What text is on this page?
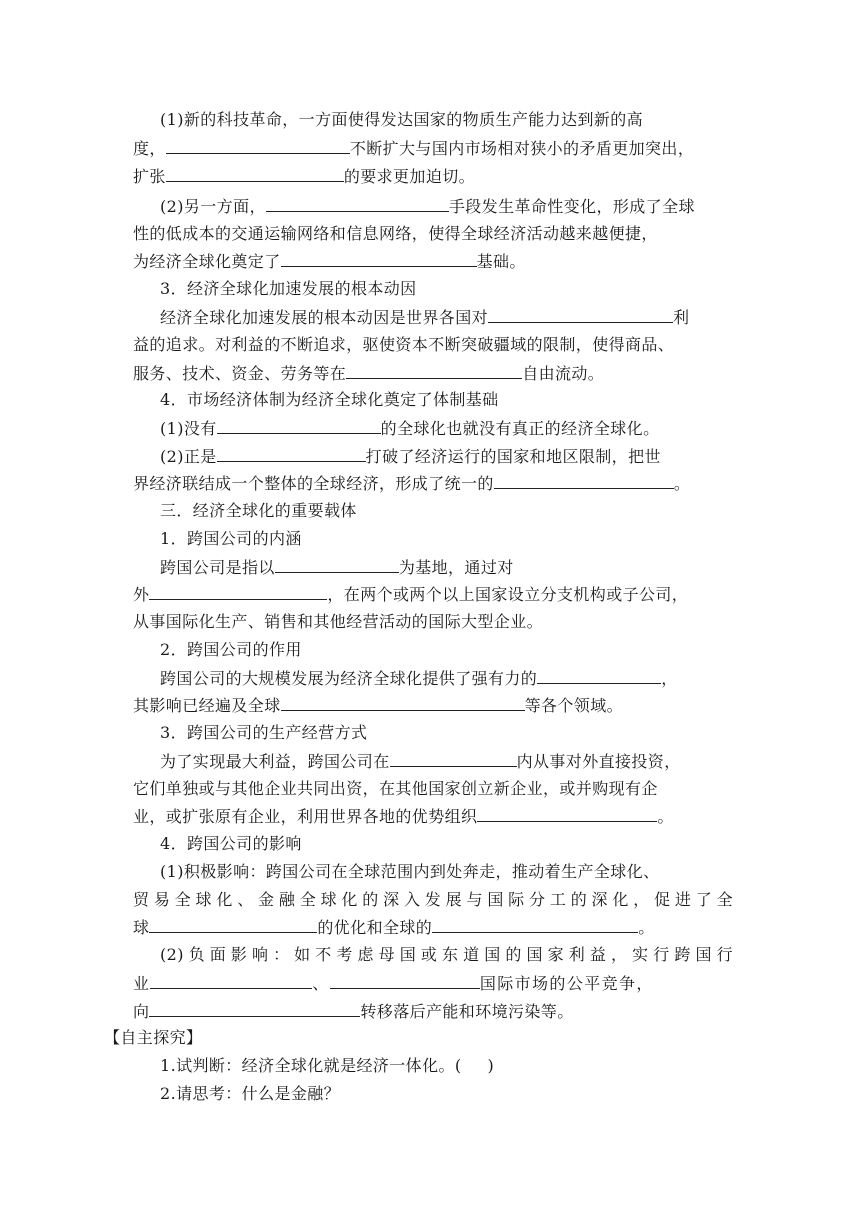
(1)新的科技革命，一方面使得发达国家的物质生产能力达到新的高
度，	不断扩大与国内市场相对狭小的矛盾更加突出，
扩张	的要求更加迫切。
(2)另一方面，	手段发生革命性变化，形成了全球
性的低成本的交通运输网络和信息网络，使得全球经济活动越来越便捷，
为经济全球化奠定了	基础。
3．经济全球化加速发展的根本动因
经济全球化加速发展的根本动因是世界各国对	利
益的追求。对利益的不断追求，驱使资本不断突破疆域的限制，使得商品、
服务、技术、资金、劳务等在	自由流动。
4．市场经济体制为经济全球化奠定了体制基础
(1)没有	的全球化也就没有真正的经济全球化。
(2)正是	打破了经济运行的国家和地区限制，把世
界经济联结成一个整体的全球经济，形成了统一的	。
三．经济全球化的重要载体
1．跨国公司的内涵
跨国公司是指以	为基地，通过对
外	，在两个或两个以上国家设立分支机构或子公司，
从事国际化生产、销售和其他经营活动的国际大型企业。
2．跨国公司的作用
跨国公司的大规模发展为经济全球化提供了强有力的	，
其影响已经遍及全球	等各个领域。
3．跨国公司的生产经营方式
为了实现最大利益，跨国公司在	内从事对外直接投资，
它们单独或与其他企业共同出资，在其他国家创立新企业，或并购现有企
业，或扩张原有企业，利用世界各地的优势组织	。
4．跨国公司的影响
(1)积极影响：跨国公司在全球范围内到处奔走，推动着生产全球化、
贸易全球化、金融全球化的深入发展与国际分工的深化，促进了全
球	的优化和全球的	。
(2)负面影响：如不考虑母国或东道国的国家利益，实行跨国行
业	、	国际市场的公平竞争，
向	转移落后产能和环境污染等。
【自主探究】
1.试判断：经济全球化就是经济一体化。( )
2.请思考：什么是金融？
